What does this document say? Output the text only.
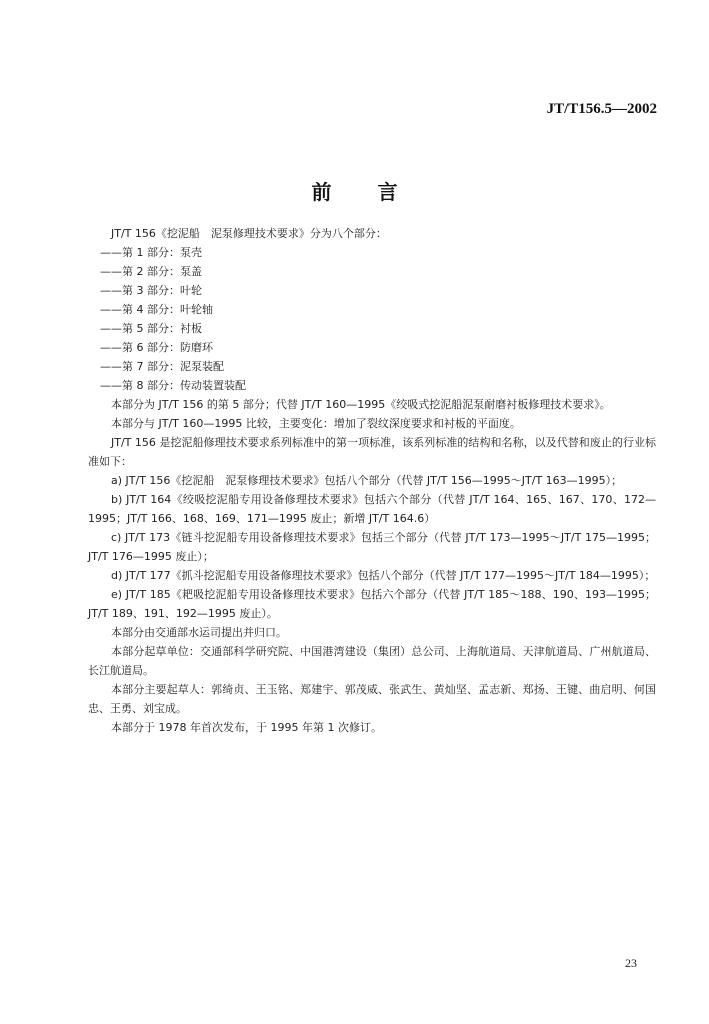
JT/T156.5—2002
前 言

JT/T 156《挖泥船　泥泵修理技术要求》分为八个部分：

——第 1 部分：泵壳

——第 2 部分：泵盖

——第 3 部分：叶轮

——第 4 部分：叶轮轴

——第 5 部分：衬板

——第 6 部分：防磨环

——第 7 部分：泥泵装配

——第 8 部分：传动装置装配

本部分为 JT/T 156 的第 5 部分；代替 JT/T 160—1995《绞吸式挖泥船泥泵耐磨衬板修理技术要求》。

本部分与 JT/T 160—1995 比较，主要变化：增加了裂纹深度要求和衬板的平面度。

JT/T 156 是挖泥船修理技术要求系列标准中的第一项标准，该系列标准的结构和名称，以及代替和废止的行业标准如下：

a) JT/T 156《挖泥船　泥泵修理技术要求》包括八个部分（代替 JT/T 156—1995～JT/T 163—1995）；

b) JT/T 164《绞吸挖泥船专用设备修理技术要求》包括六个部分（代替 JT/T 164、165、167、170、172—1995；JT/T 166、168、169、171—1995 废止；新增 JT/T 164.6）

c) JT/T 173《链斗挖泥船专用设备修理技术要求》包括三个部分（代替 JT/T 173—1995～JT/T 175—1995；JT/T 176—1995 废止）；

d) JT/T 177《抓斗挖泥船专用设备修理技术要求》包括八个部分（代替 JT/T 177—1995～JT/T 184—1995）；

e) JT/T 185《耙吸挖泥船专用设备修理技术要求》包括六个部分（代替 JT/T 185～188、190、193—1995；JT/T 189、191、192—1995 废止）。

本部分由交通部水运司提出并归口。

本部分起草单位：交通部科学研究院、中国港湾建设（集团）总公司、上海航道局、天津航道局、广州航道局、长江航道局。

本部分主要起草人：郭绮贞、王玉铭、郑建宇、郭茂威、张武生、黄灿坚、孟志新、郑扬、王键、曲启明、何国忠、王勇、刘宝成。

本部分于 1978 年首次发布，于 1995 年第 1 次修订。

23
